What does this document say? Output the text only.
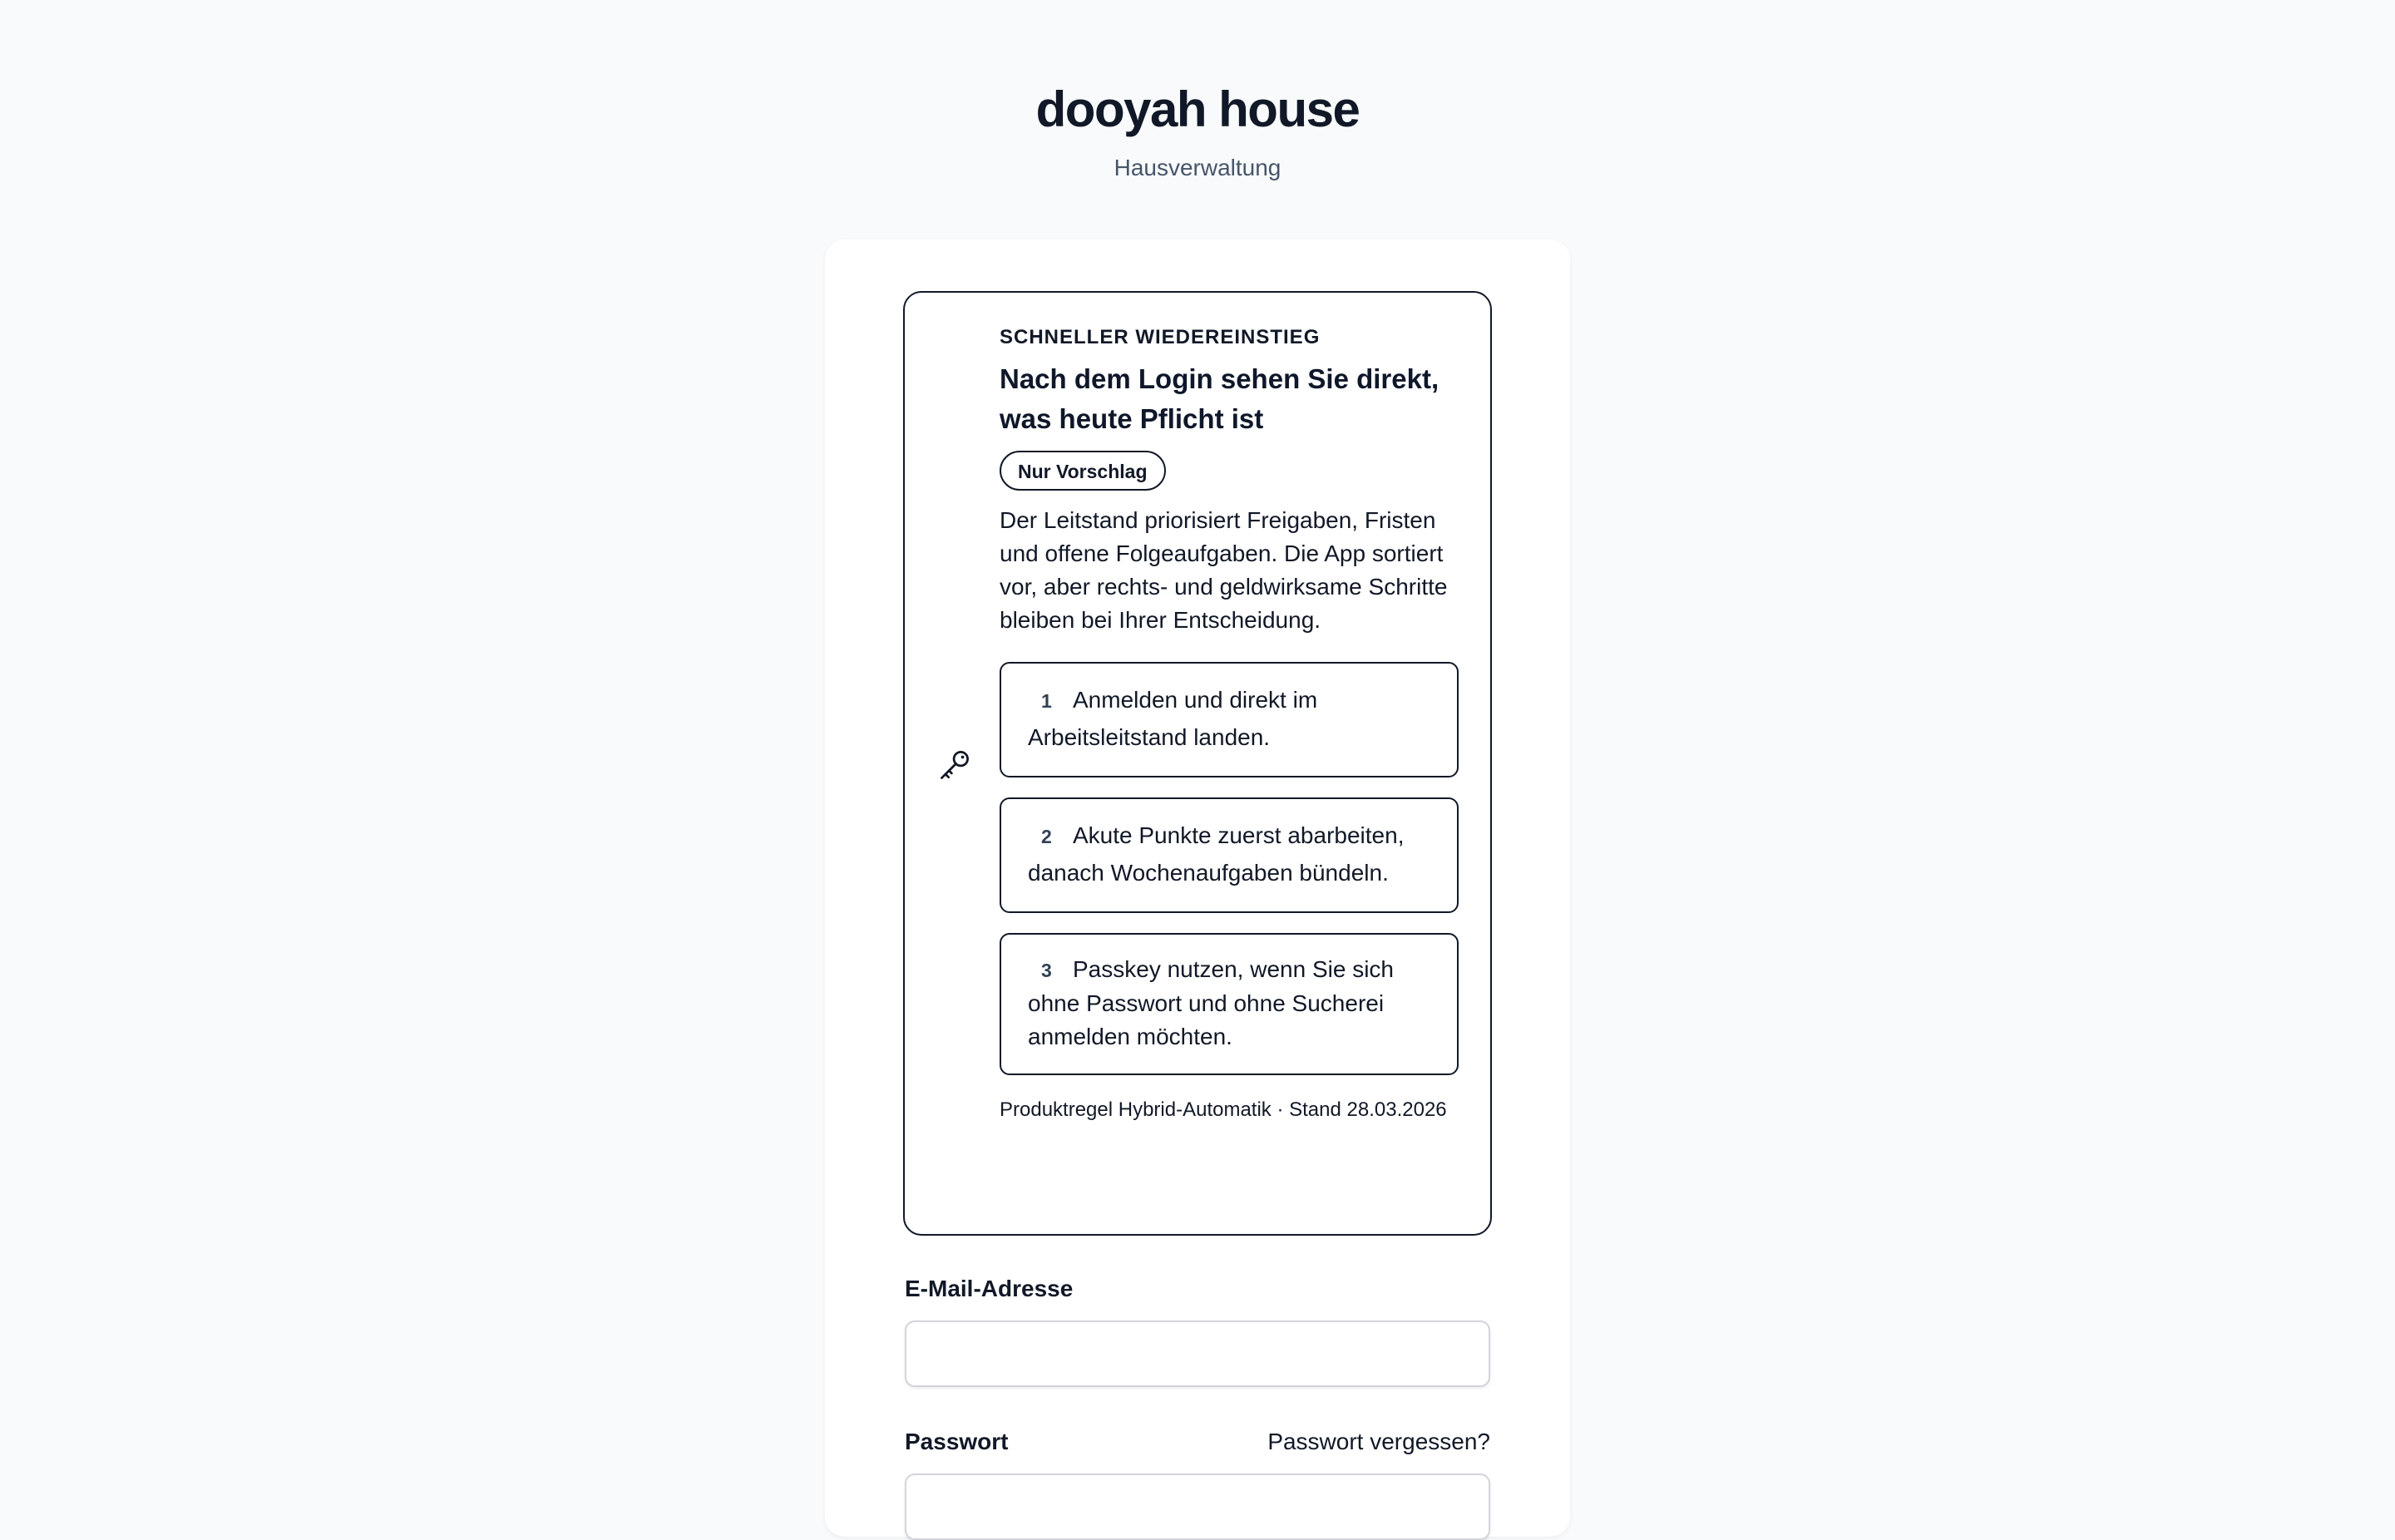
dooyah house
Hausverwaltung
SCHNELLER WIEDEREINSTIEG
Nach dem Login sehen Sie direkt, was heute Pflicht ist
Nur Vorschlag
Der Leitstand priorisiert Freigaben, Fristen und offene Folgeaufgaben. Die App sortiert vor, aber rechts- und geldwirksame Schritte bleiben bei Ihrer Entscheidung.
1 Anmelden und direkt im Arbeitsleitstand landen.
2 Akute Punkte zuerst abarbeiten, danach Wochenaufgaben bündeln.
3 Passkey nutzen, wenn Sie sich ohne Passwort und ohne Sucherei anmelden möchten.
Produktregel Hybrid-Automatik · Stand 28.03.2026
E-Mail-Adresse
Passwort	Passwort vergessen?
